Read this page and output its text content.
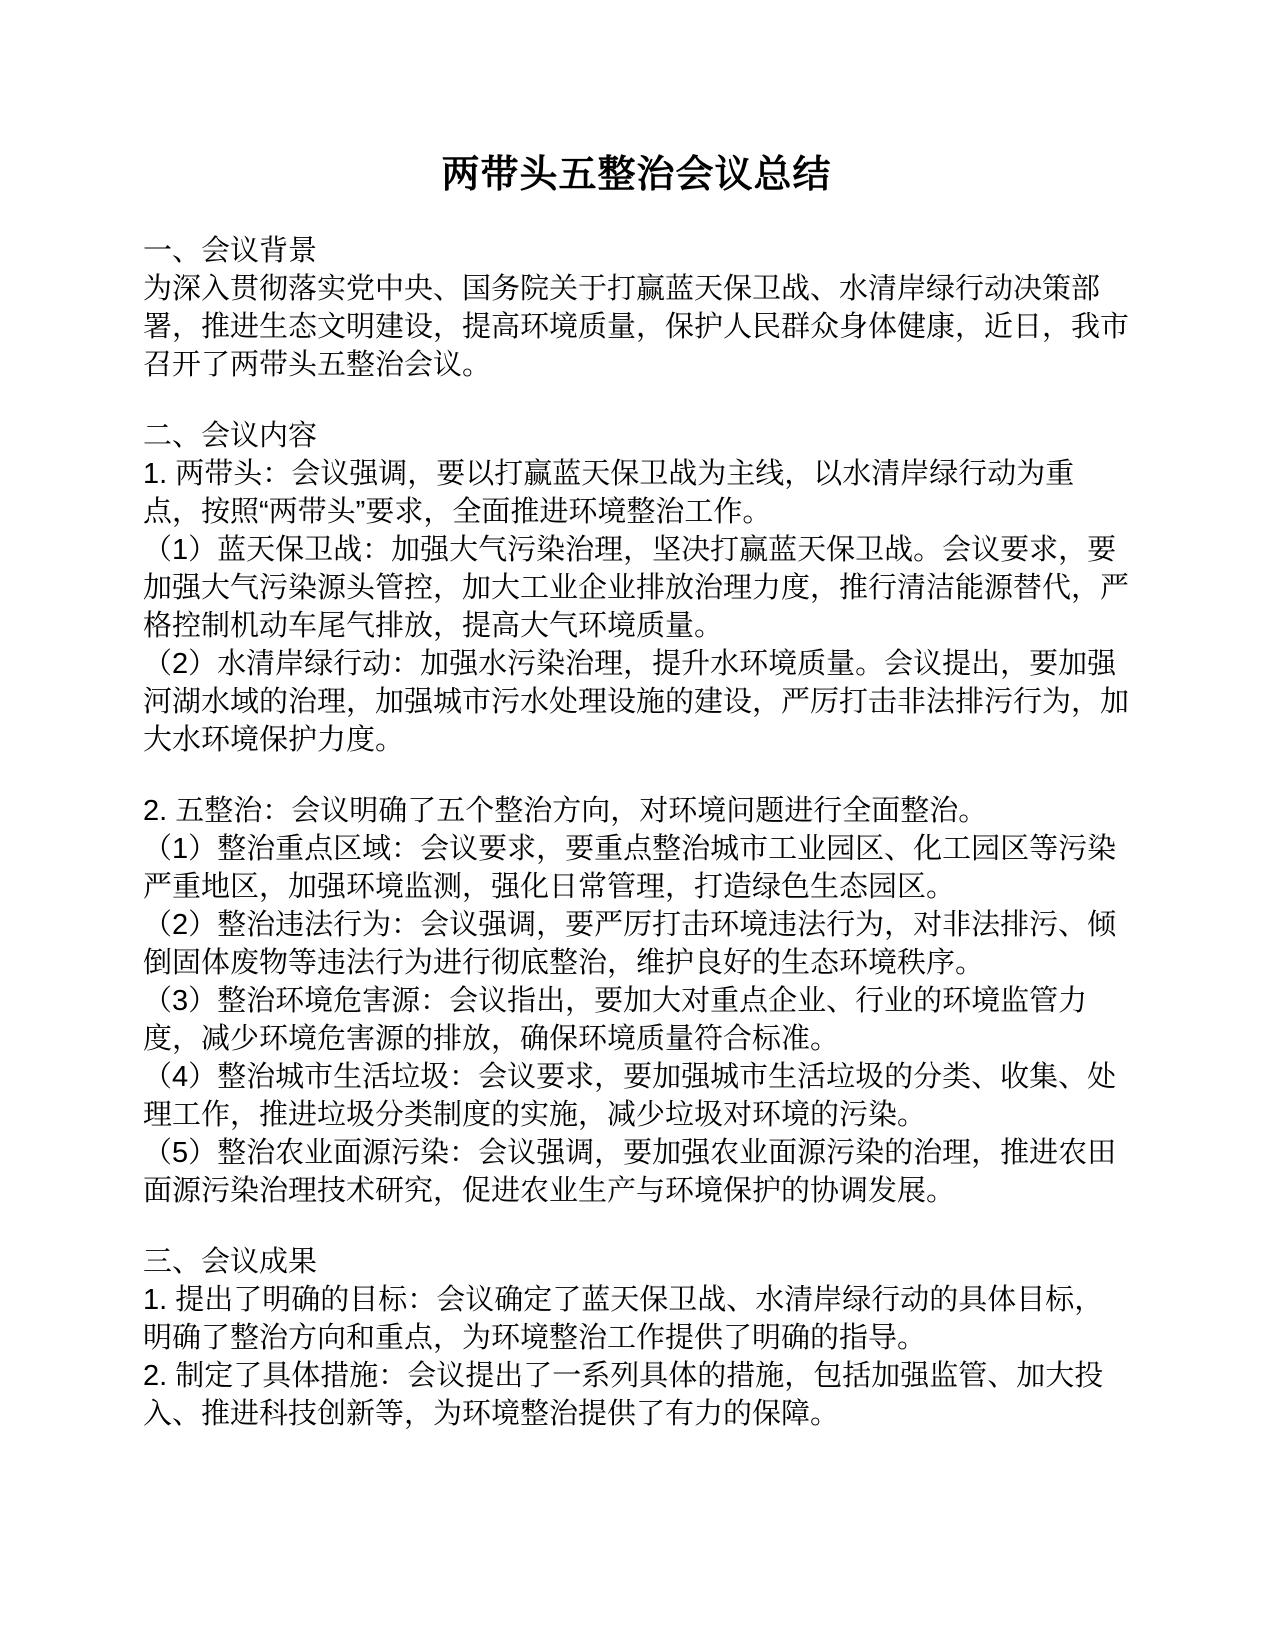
两带头五整治会议总结

一、会议背景

为深入贯彻落实党中央、国务院关于打赢蓝天保卫战、水清岸绿行动决策部署，推进生态文明建设，提高环境质量，保护人民群众身体健康，近日，我市召开了两带头五整治会议。

二、会议内容

1. 两带头：会议强调，要以打赢蓝天保卫战为主线，以水清岸绿行动为重点，按照“两带头”要求，全面推进环境整治工作。

（1）蓝天保卫战：加强大气污染治理，坚决打赢蓝天保卫战。会议要求，要加强大气污染源头管控，加大工业企业排放治理力度，推行清洁能源替代，严格控制机动车尾气排放，提高大气环境质量。

（2）水清岸绿行动：加强水污染治理，提升水环境质量。会议提出，要加强河湖水域的治理，加强城市污水处理设施的建设，严厉打击非法排污行为，加大水环境保护力度。

2. 五整治：会议明确了五个整治方向，对环境问题进行全面整治。

（1）整治重点区域：会议要求，要重点整治城市工业园区、化工园区等污染严重地区，加强环境监测，强化日常管理，打造绿色生态园区。

（2）整治违法行为：会议强调，要严厉打击环境违法行为，对非法排污、倾倒固体废物等违法行为进行彻底整治，维护良好的生态环境秩序。

（3）整治环境危害源：会议指出，要加大对重点企业、行业的环境监管力度，减少环境危害源的排放，确保环境质量符合标准。

（4）整治城市生活垃圾：会议要求，要加强城市生活垃圾的分类、收集、处理工作，推进垃圾分类制度的实施，减少垃圾对环境的污染。

（5）整治农业面源污染：会议强调，要加强农业面源污染的治理，推进农田面源污染治理技术研究，促进农业生产与环境保护的协调发展。

三、会议成果

1. 提出了明确的目标：会议确定了蓝天保卫战、水清岸绿行动的具体目标，明确了整治方向和重点，为环境整治工作提供了明确的指导。

2. 制定了具体措施：会议提出了一系列具体的措施，包括加强监管、加大投入、推进科技创新等，为环境整治提供了有力的保障。
